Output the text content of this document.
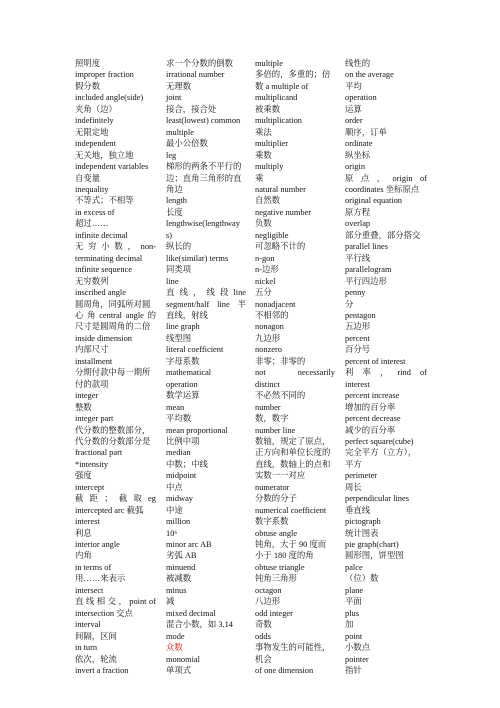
照明度
improper fraction
假分数
included angle(side)
夹角（边）
indefinitely
无限定地
independent
无关地，独立地
independent variables
自变量
inequality
不等式；不相等
in excess of
超过……
infinite decimal
无 穷 小 数 ， non-
terminating decimal
infinite sequence
无穷数列
inscribed angle
圆周角，同弧所对圆
心 角 central angle 的
尺寸是圆周角的二倍
inside dimension
内部尺寸
installment
分期付款中每一期所
付的款项
integer
整数
integer part
代分数的整数部分，
代分数的分数部分是
fractional part
*intensity
强度
intercept
截 距 ； 截 取 eg
intercepted arc 截弧
interest
利息
interior angle
内角
in terms of
用……来表示
intersect
直 线 相 交 ， point of
intersection 交点
interval
间隔，区间
in turn
依次，轮流
invert a fraction
求一个分数的倒数
irrational number
无理数
joint
接合，接合处
least(lowest) common
multiple
最小公倍数
leg
梯形的两条不平行的
边；直角三角形的直
角边
length
长度
lengthwise(lengthway
s)
纵长的
like(similar) terms
同类项
line
直 线 ， 线 段 line
segment/half line 半
直线，射线
line graph
线型图
literal coefficient
字母系数
mathematical
operation
数学运算
mean
平均数
mean proportional
比例中项
median
中数；中线
midpoint
中点
midway
中途
million
10⁶
minor arc AB
劣弧 AB
minuend
被减数
minus
减
mixed decimal
混合小数，如 3.14
mode
众数
monomial
单项式
multiple
多倍的，多重的；倍
数 a multiple of
multiplicand
被乘数
multiplication
乘法
multiplier
乘数
multiply
乘
natural number
自然数
negative number
负数
negligible
可忽略不计的
n-gon
n-边形
nickel
五分
nonadjacent
不相邻的
nonagon
九边形
nonzero
非零；非零的
not	necessarily
distinct
不必然不同的
number
数，数字
number line
数轴，规定了原点，
正方向和单位长度的
直线，数轴上的点和
实数一一对应
numerator
分数的分子
numerical coefficient
数字系数
obtuse angle
钝角，大于 90 度而
小于 180 度的角
obtuse triangle
钝角三角形
octagon
八边形
odd integer
奇数
odds
事物发生的可能性，
机会
of one dimension
线性的
on the average
平均
operation
运算
order
顺序，订单
ordinate
纵坐标
origin
原 点 ， origin of
coordinates 坐标原点
original equation
原方程
overlap
部分重叠，部分搭交
parallel lines
平行线
parallelogram
平行四边形
penny
分
pentagon
五边形
percent
百分号
percent of interest
利 率 ， rind of
interest
percent increase
增加的百分率
percent decrease
减少的百分率
perfect square(cube)
完全平方（立方），
平方
perimeter
周长
perpendicular lines
垂直线
pictograph
统计图表
pie graph(chart)
圆形图，饼型图
palce
（位）数
plane
平面
plus
加
point
小数点
pointer
指针
